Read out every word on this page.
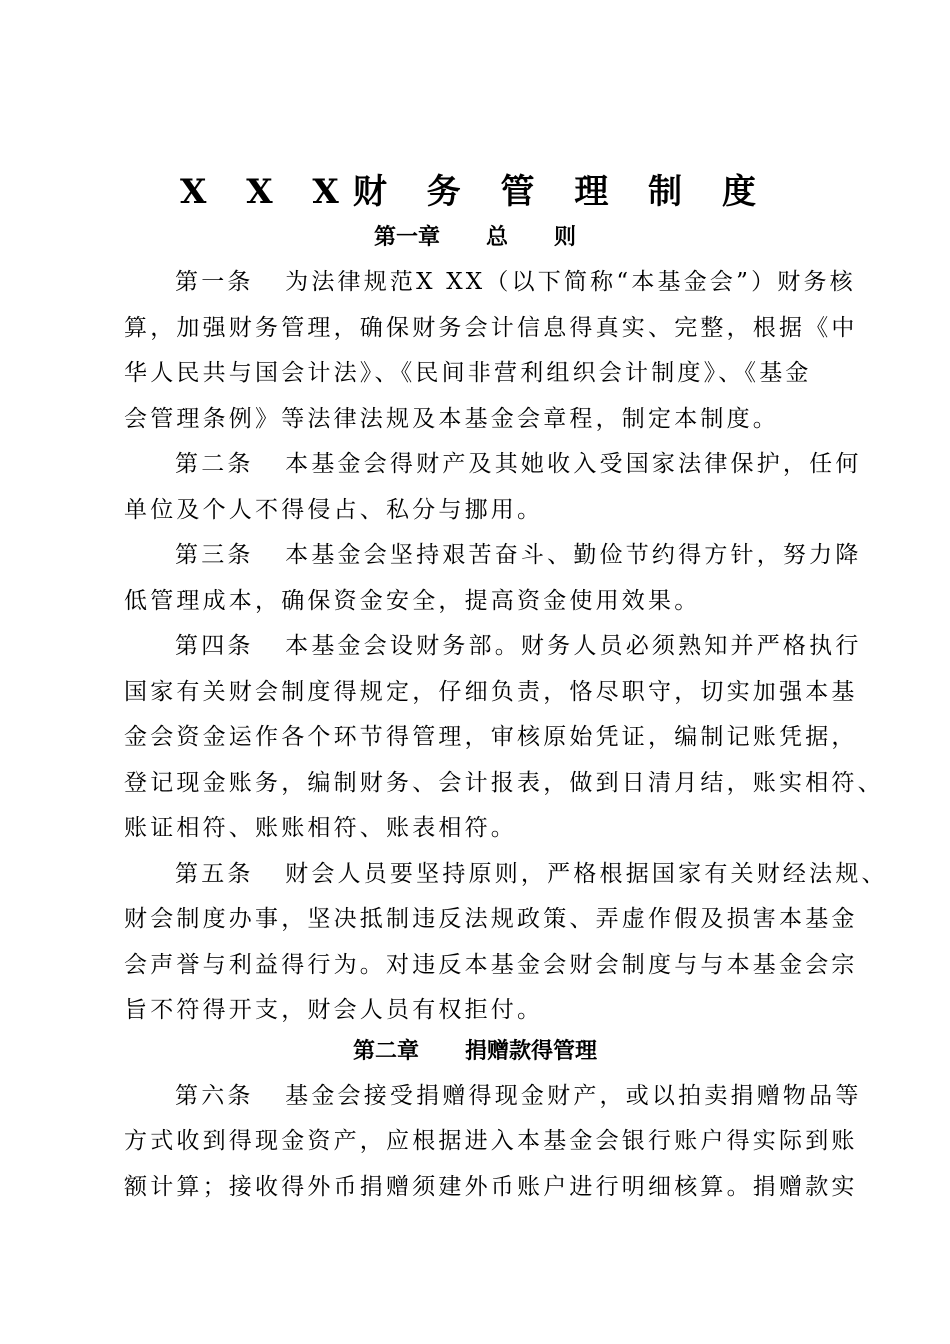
X X X财 务 管 理 制 度
第一章      总      则
第一条   为法律规范X XX（以下简称“本基金会”）财务核
算，加强财务管理，确保财务会计信息得真实、完整，根据《中
华人民共与国会计法》、《民间非营利组织会计制度》、《基金
会管理条例》等法律法规及本基金会章程，制定本制度。
第二条   本基金会得财产及其她收入受国家法律保护，任何
单位及个人不得侵占、私分与挪用。
第三条   本基金会坚持艰苦奋斗、勤俭节约得方针，努力降
低管理成本，确保资金安全，提高资金使用效果。
第四条   本基金会设财务部。财务人员必须熟知并严格执行
国家有关财会制度得规定，仔细负责，恪尽职守，切实加强本基
金会资金运作各个环节得管理，审核原始凭证，编制记账凭据，
登记现金账务，编制财务、会计报表，做到日清月结，账实相符、
账证相符、账账相符、账表相符。
第五条   财会人员要坚持原则，严格根据国家有关财经法规、
财会制度办事，坚决抵制违反法规政策、弄虚作假及损害本基金
会声誉与利益得行为。对违反本基金会财会制度与与本基金会宗
旨不符得开支，财会人员有权拒付。
第二章      捐赠款得管理
第六条   基金会接受捐赠得现金财产，或以拍卖捐赠物品等
方式收到得现金资产，应根据进入本基金会银行账户得实际到账
额计算；接收得外币捐赠须建外币账户进行明细核算。捐赠款实
